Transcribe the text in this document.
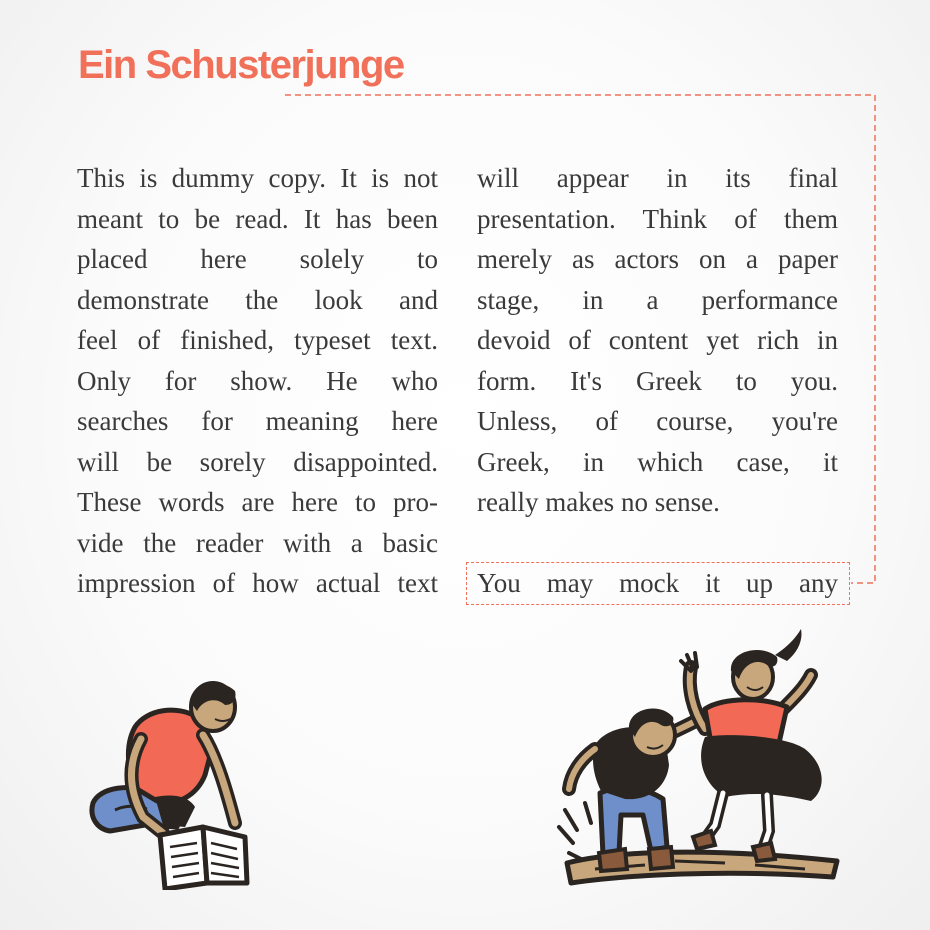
Ein Schusterjunge
This is dummy copy. It is not
meant to be read. It has been
placed here solely to
demonstrate the look and
feel of finished, typeset text.
Only for show. He who
searches for meaning here
will be sorely disappointed.
These words are here to pro-
vide the reader with a basic
impression of how actual text
will appear in its final
presentation. Think of them
merely as actors on a paper
stage, in a performance
devoid of content yet rich in
form. It's Greek to you.
Unless, of course, you're
Greek, in which case, it
really makes no sense.
You may mock it up any
